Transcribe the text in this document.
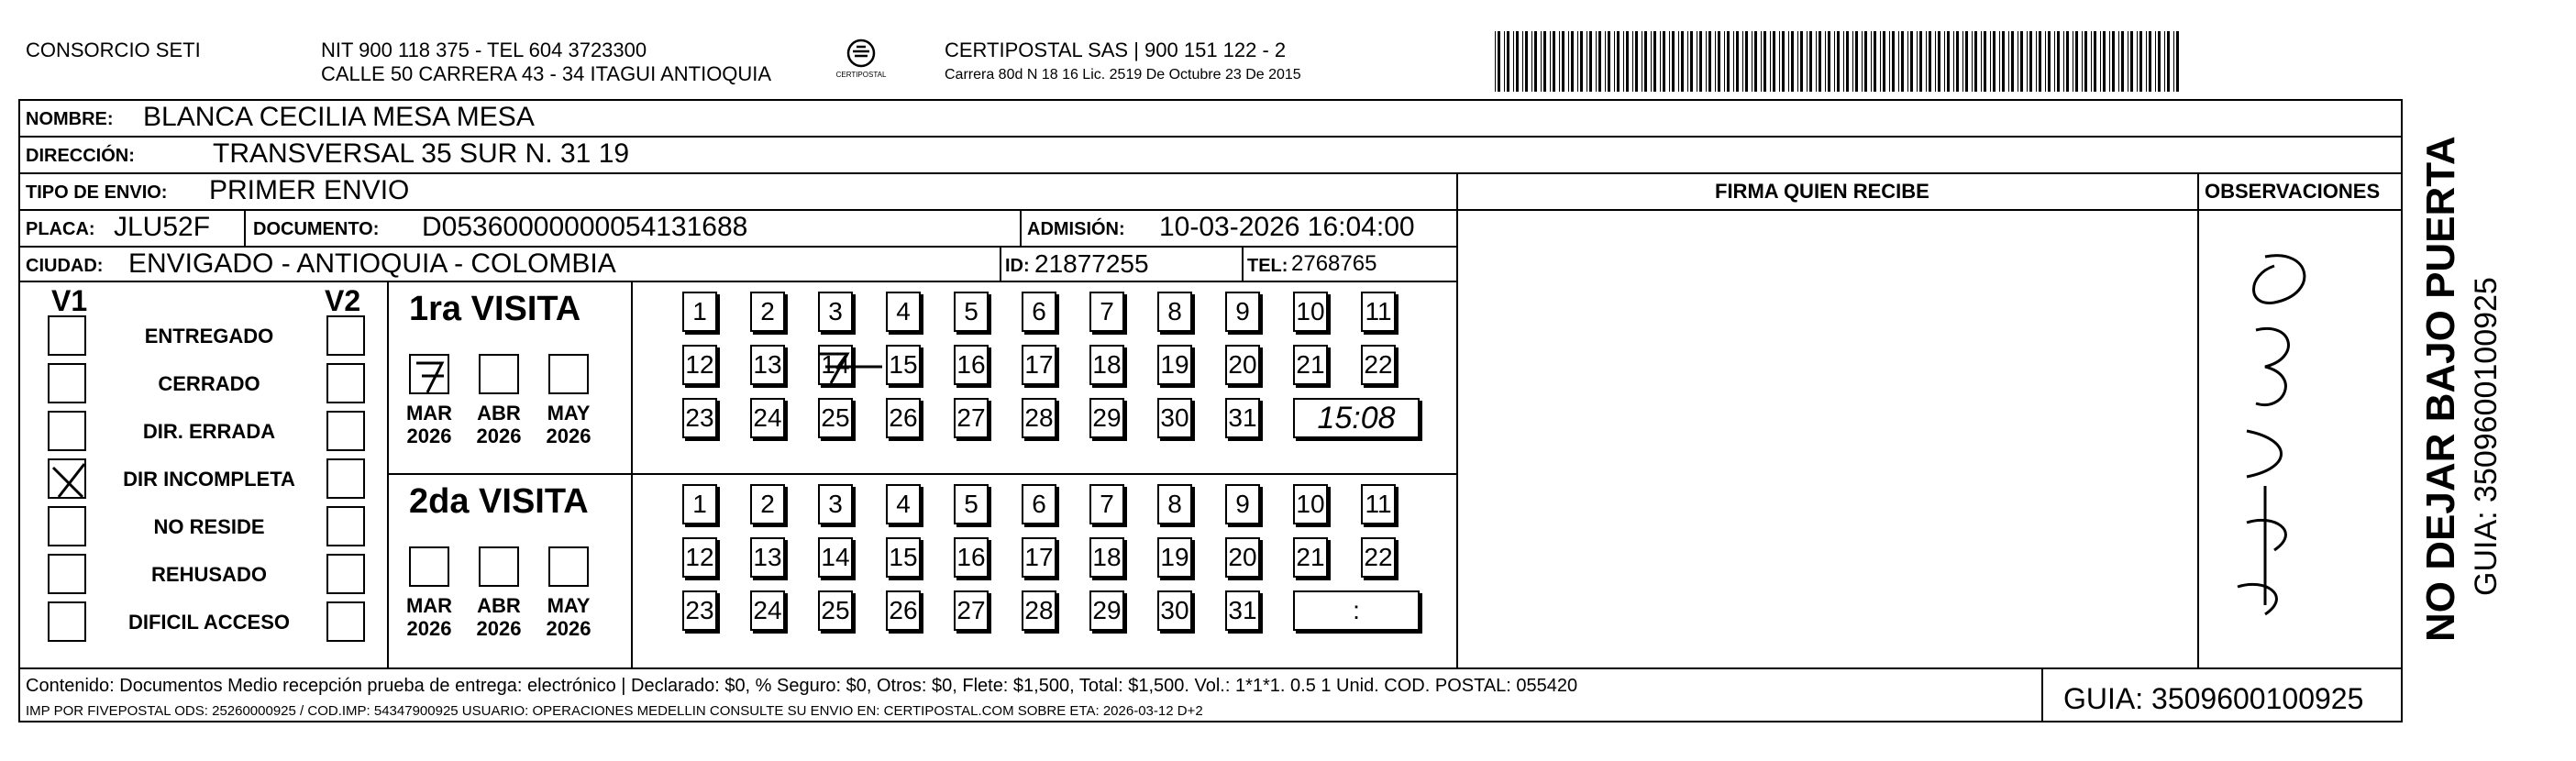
CONSORCIO SETI	NIT 900 118 375 - TEL 604 3723300
CALLE 50 CARRERA 43 - 34 ITAGUI ANTIOQUIA	CERTIPOSTAL
CERTIPOSTAL SAS | 900 151 122 - 2
Carrera 80d N 18 16 Lic. 2519 De Octubre 23 De 2015
NOMBRE: BLANCA CECILIA MESA MESA
DIRECCIÓN:	TRANSVERSAL 35 SUR N. 31 19
TIPO DE ENVIO: PRIMER ENVIO
PLACA: JLU52F DOCUMENTO: D05360000000054131688	ADMISIÓN: 10-03-2026 16:04:00
CIUDAD: ENVIGADO - ANTIOQUIA - COLOMBIA	ID: 21877255	TEL: 2768765
FIRMA QUIEN RECIBE	OBSERVACIONES
V1	V2
ENTREGADO
CERRADO
DIR. ERRADA
DIR INCOMPLETA
NO RESIDE
REHUSADO
DIFICIL ACCESO
1ra VISITA
MAR
2026
ABR
2026
MAY
2026
1	2	3	4	5	6	7	8	9	10 11
12 13 14 15 16 17 18 19 20 21 22
23 24 25 26 27 28 29 30 31	15:08
2da VISITA
MAR
2026
ABR
2026
MAY
2026
1	2	3	4	5	6	7	8	9	10 11
12 13 14 15 16 17 18 19 20 21 22
23 24 25 26 27 28 29 30 31	:	NO DEJAR BAJO PUERTA GUIA: 3509600100925
Contenido: Documentos Medio recepción prueba de entrega: electrónico | Declarado: $0, % Seguro: $0, Otros: $0, Flete: $1,500, Total: $1,500. Vol.: 1*1*1. 0.5 1 Unid. COD. POSTAL: 055420
IMP POR FIVEPOSTAL ODS: 25260000925 / COD.IMP: 54347900925 USUARIO: OPERACIONES MEDELLIN CONSULTE SU ENVIO EN: CERTIPOSTAL.COM SOBRE ETA: 2026-03-12 D+2	GUIA: 3509600100925
